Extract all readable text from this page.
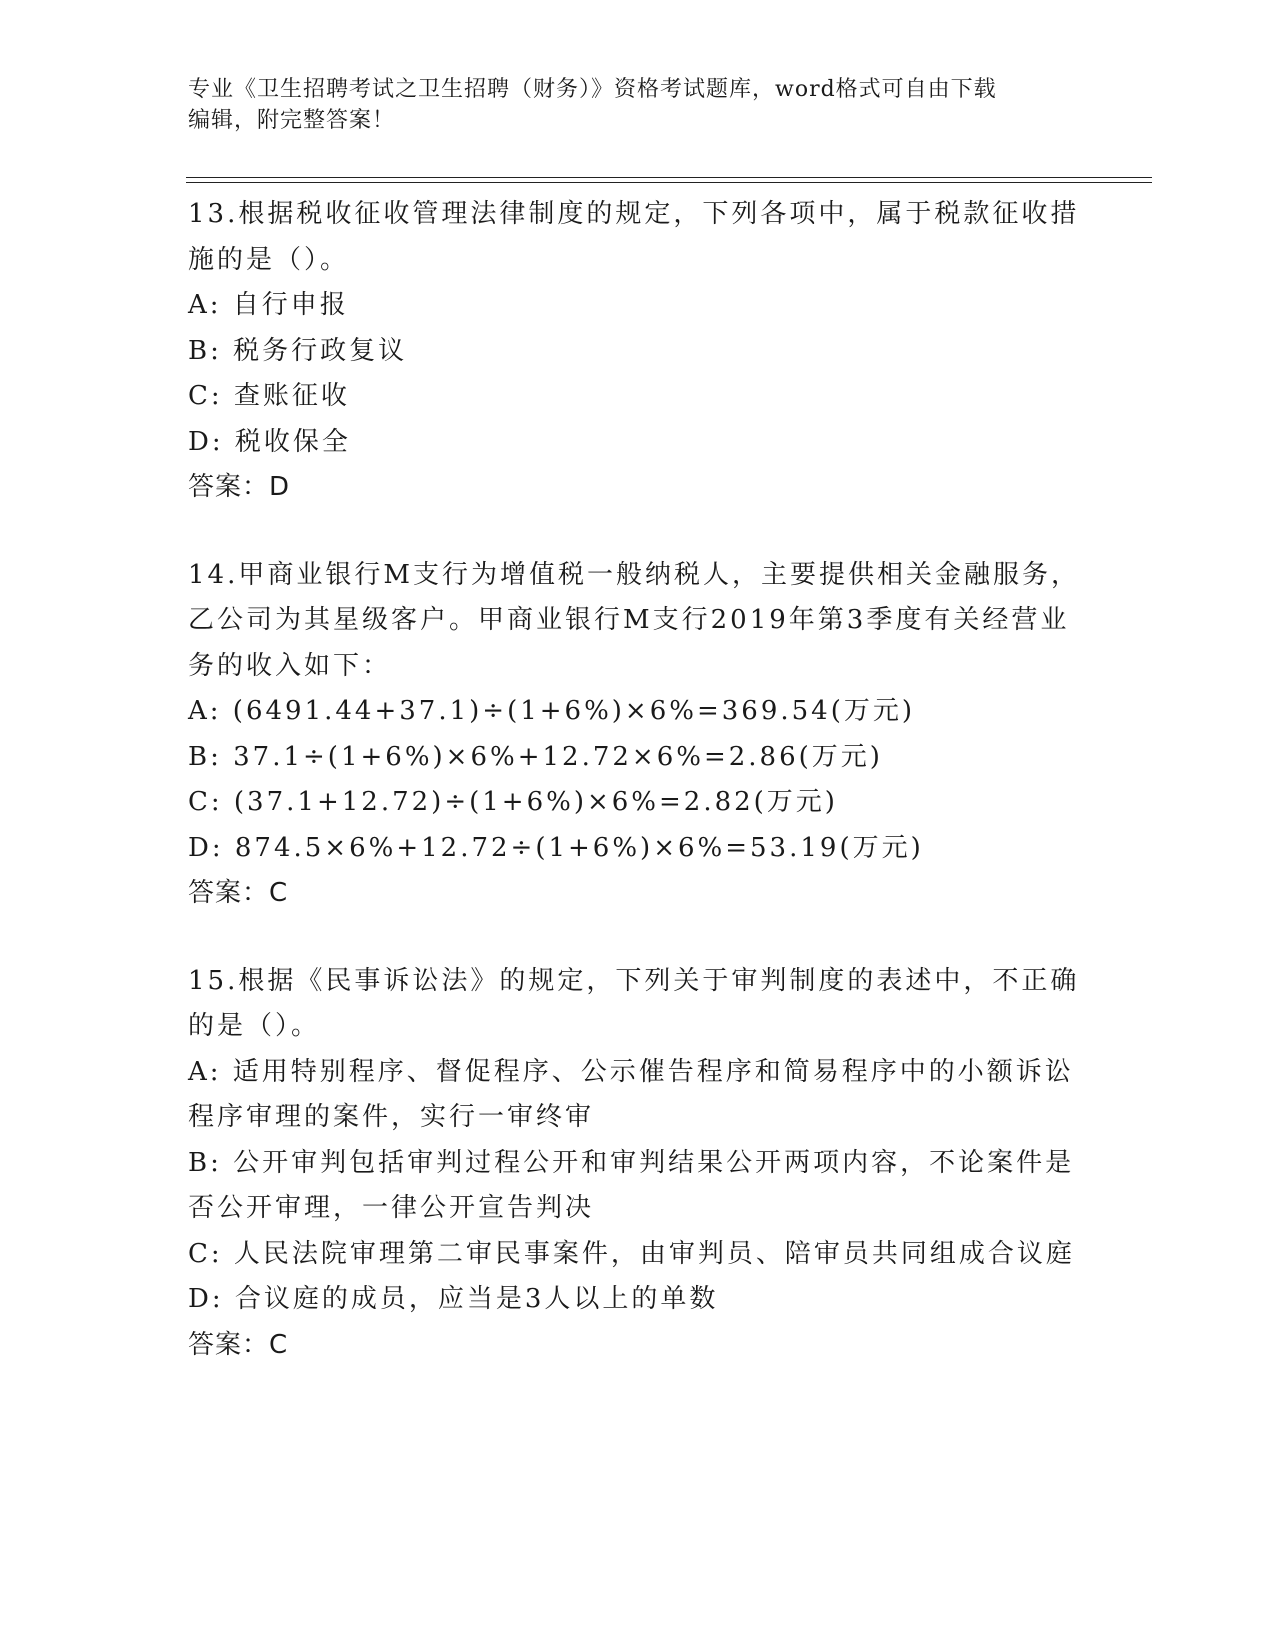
专业《卫生招聘考试之卫生招聘（财务）》资格考试题库，word格式可自由下载
编辑，附完整答案！
13.根据税收征收管理法律制度的规定，下列各项中，属于税款征收措
施的是（）。
A: 自行申报
B: 税务行政复议
C: 查账征收
D: 税收保全
答案：D
14.甲商业银行M支行为增值税一般纳税人，主要提供相关金融服务，
乙公司为其星级客户。甲商业银行M支行2019年第3季度有关经营业
务的收入如下：
A: (6491.44+37.1)÷(1+6%)×6%=369.54(万元)
B: 37.1÷(1+6%)×6%+12.72×6%=2.86(万元)
C: (37.1+12.72)÷(1+6%)×6%=2.82(万元)
D: 874.5×6%+12.72÷(1+6%)×6%=53.19(万元)
答案：C
15.根据《民事诉讼法》的规定，下列关于审判制度的表述中，不正确
的是（）。
A: 适用特别程序、督促程序、公示催告程序和简易程序中的小额诉讼
程序审理的案件，实行一审终审
B: 公开审判包括审判过程公开和审判结果公开两项内容，不论案件是
否公开审理，一律公开宣告判决
C: 人民法院审理第二审民事案件，由审判员、陪审员共同组成合议庭
D: 合议庭的成员，应当是3人以上的单数
答案：C
